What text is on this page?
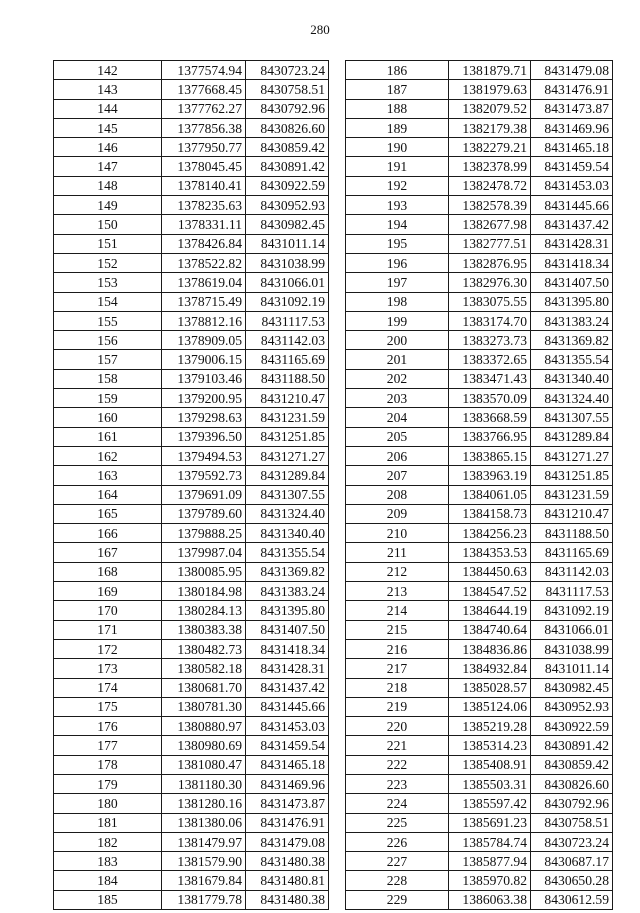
280
142	1377574.94	8430723.24
143	1377668.45	8430758.51
144	1377762.27	8430792.96
145	1377856.38	8430826.60
146	1377950.77	8430859.42
147	1378045.45	8430891.42
148	1378140.41	8430922.59
149	1378235.63	8430952.93
150	1378331.11	8430982.45
151	1378426.84	8431011.14
152	1378522.82	8431038.99
153	1378619.04	8431066.01
154	1378715.49	8431092.19
155	1378812.16	8431117.53
156	1378909.05	8431142.03
157	1379006.15	8431165.69
158	1379103.46	8431188.50
159	1379200.95	8431210.47
160	1379298.63	8431231.59
161	1379396.50	8431251.85
162	1379494.53	8431271.27
163	1379592.73	8431289.84
164	1379691.09	8431307.55
165	1379789.60	8431324.40
166	1379888.25	8431340.40
167	1379987.04	8431355.54
168	1380085.95	8431369.82
169	1380184.98	8431383.24
170	1380284.13	8431395.80
171	1380383.38	8431407.50
172	1380482.73	8431418.34
173	1380582.18	8431428.31
174	1380681.70	8431437.42
175	1380781.30	8431445.66
176	1380880.97	8431453.03
177	1380980.69	8431459.54
178	1381080.47	8431465.18
179	1381180.30	8431469.96
180	1381280.16	8431473.87
181	1381380.06	8431476.91
182	1381479.97	8431479.08
183	1381579.90	8431480.38
184	1381679.84	8431480.81
185	1381779.78	8431480.38
186	1381879.71	8431479.08
187	1381979.63	8431476.91
188	1382079.52	8431473.87
189	1382179.38	8431469.96
190	1382279.21	8431465.18
191	1382378.99	8431459.54
192	1382478.72	8431453.03
193	1382578.39	8431445.66
194	1382677.98	8431437.42
195	1382777.51	8431428.31
196	1382876.95	8431418.34
197	1382976.30	8431407.50
198	1383075.55	8431395.80
199	1383174.70	8431383.24
200	1383273.73	8431369.82
201	1383372.65	8431355.54
202	1383471.43	8431340.40
203	1383570.09	8431324.40
204	1383668.59	8431307.55
205	1383766.95	8431289.84
206	1383865.15	8431271.27
207	1383963.19	8431251.85
208	1384061.05	8431231.59
209	1384158.73	8431210.47
210	1384256.23	8431188.50
211	1384353.53	8431165.69
212	1384450.63	8431142.03
213	1384547.52	8431117.53
214	1384644.19	8431092.19
215	1384740.64	8431066.01
216	1384836.86	8431038.99
217	1384932.84	8431011.14
218	1385028.57	8430982.45
219	1385124.06	8430952.93
220	1385219.28	8430922.59
221	1385314.23	8430891.42
222	1385408.91	8430859.42
223	1385503.31	8430826.60
224	1385597.42	8430792.96
225	1385691.23	8430758.51
226	1385784.74	8430723.24
227	1385877.94	8430687.17
228	1385970.82	8430650.28
229	1386063.38	8430612.59
